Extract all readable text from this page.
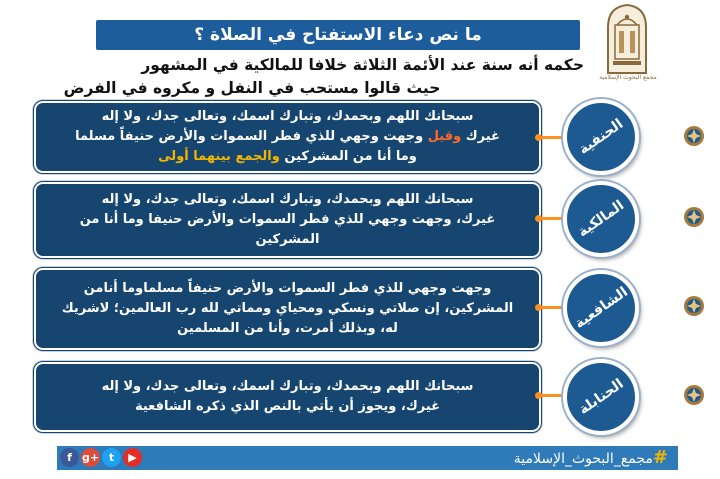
مجمع البحوث الإسلامية
ما نص دعاء الاستفتاح في الصلاة ؟
حكمه أنه سنة عند الأئمة الثلاثة خلافا للمالكية في المشهور
حيث قالوا مستحب في النفل و مكروه في الفرض
سبحانك اللهم وبحمدك، وتبارك اسمك، وتعالى جدك، ولا إله
غيرك وقيل وجهت وجهي للذي فطر السموات والأرض حنيفاً مسلما
وما أنا من المشركين والجمع بينهما أولى	الحنفية
سبحانك اللهم وبحمدك، وتبارك اسمك، وتعالى جدك، ولا إله
غيرك، وجهت وجهي للذي فطر السموات والأرض حنيفا وما أنا من
المشركين	المالكية
وجهت وجهي للذي فطر السموات والأرض حنيفاً مسلماوما أنامن
المشركين، إن صلاتي ونسكي ومحياي ومماتي لله رب العالمين؛ لاشريك
له، وبذلك أمرت، وأنا من المسلمين	الشافعية
سبحانك اللهم وبحمدك، وتبارك اسمك، وتعالى جدك، ولا إله
غيرك، ويجوز أن يأتي بالنص الذي ذكره الشافعية	الحنابلة
#مجمع_البحوث_الإسلامية
f g+ t	▶
